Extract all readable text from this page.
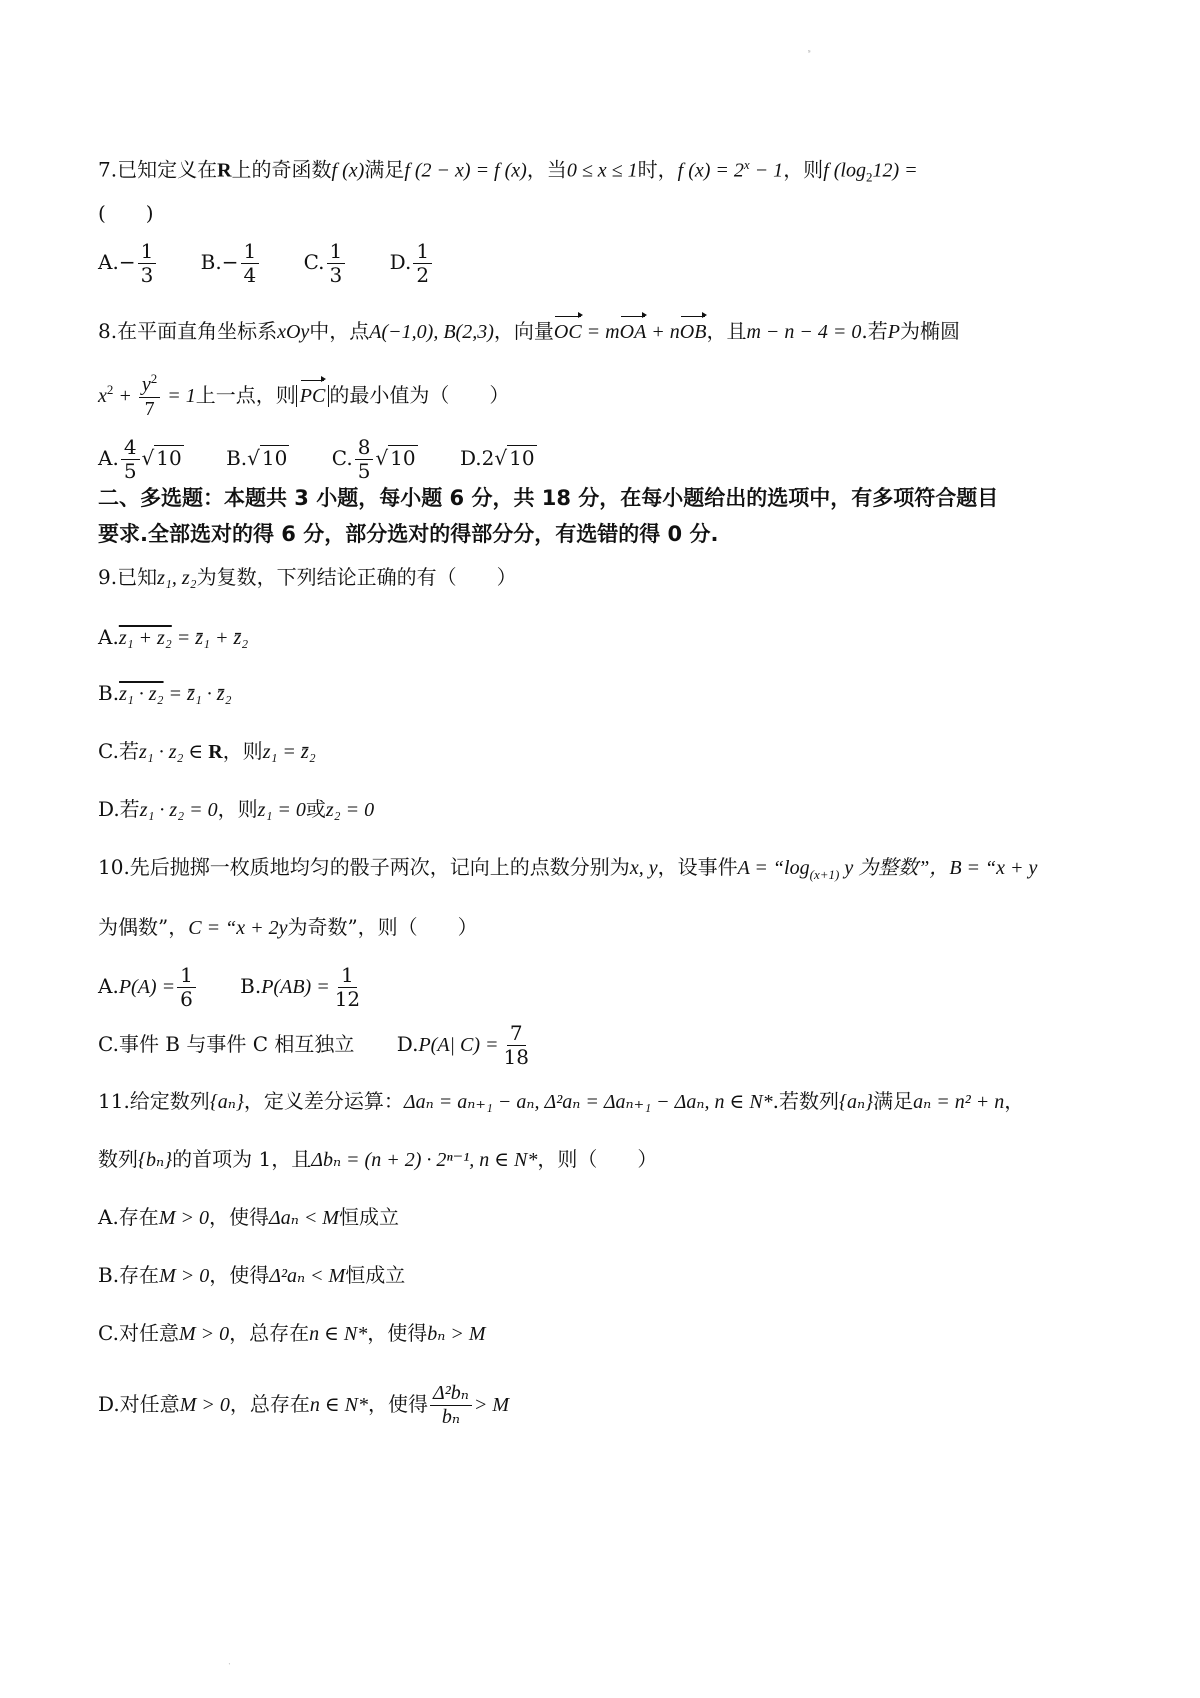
ˢ
7.已知定义在R上的奇函数f (x)满足f (2 − x) = f (x)，当0 ≤ x ≤ 1时，f $(x) = 2^x - 1$，则f $(\log_212)$ =
(　　)
$A.- \frac{1}{3} B.- \frac{1}{4} C$. $\frac{1}{3} D$. $\frac{1}{2}$
8.在平面直角坐标系xOy中，点A(−1,0), B(2,3)，向量OC = mOA + nOB，且m − n − 4 = 0.若P为椭圆
$x^2 + \frac{y^2}{7} = 1$上一点，则 PC 的最小值为（　　）
A. $\frac{4}{5}$ √ 10 B.√ 10 C. $\frac{8}{5}$ √ 10 D.2√ 10
二、多选题：本题共 3 小题，每小题 6 分，共 18 分，在每小题给出的选项中，有多项符合题目
要求.全部选对的得 6 分，部分选对的得部分分，有选错的得 0 分.
9.已知z₁, z₂为复数，下列结论正确的有（　　）
A.z₁ + z₂ = z̄₁ + z̄₂
B.z₁ · z₂ = z̄₁ · z̄₂
C.若z₁ · z₂ ∈ R，则z₁ = z̄₂
D.若z₁ · z₂ = 0，则z₁ = 0或z₂ = 0
10.先后抛掷一枚质地均匀的骰子两次，记向上的点数分别为x, y，设事件$A = “\log_{(x+1)}$ y 为整数”，B = “x + y
为偶数”，C = “x + 2y为奇数”，则（　　）
$A.P(A) = \frac{1}{6} B.P(AB) = \frac{1}{12}$
C.事件 B 与事件 C 相互独立 D.P(A| $C) = \frac{7}{18}$
11.给定数列{aₙ}，定义差分运算：Δaₙ = aₙ₊₁ − aₙ, Δ²aₙ = Δaₙ₊₁ − Δaₙ, n ∈ N*.若数列{aₙ}满足aₙ = n² + n，
数列{bₙ}的首项为 1，且Δbₙ = (n + 2) · 2ⁿ⁻¹, n ∈ N*，则（　　）
A.存在M > 0，使得Δaₙ < M恒成立
B.存在M > 0，使得Δ²aₙ < M恒成立
C.对任意M > 0，总存在n ∈ N*，使得bₙ > M
D.对任意M > 0，总存在n ∈ N*，使得 $\frac{\text{Δ²bₙ}}{\text{bₙ}} > M$
ˑ
